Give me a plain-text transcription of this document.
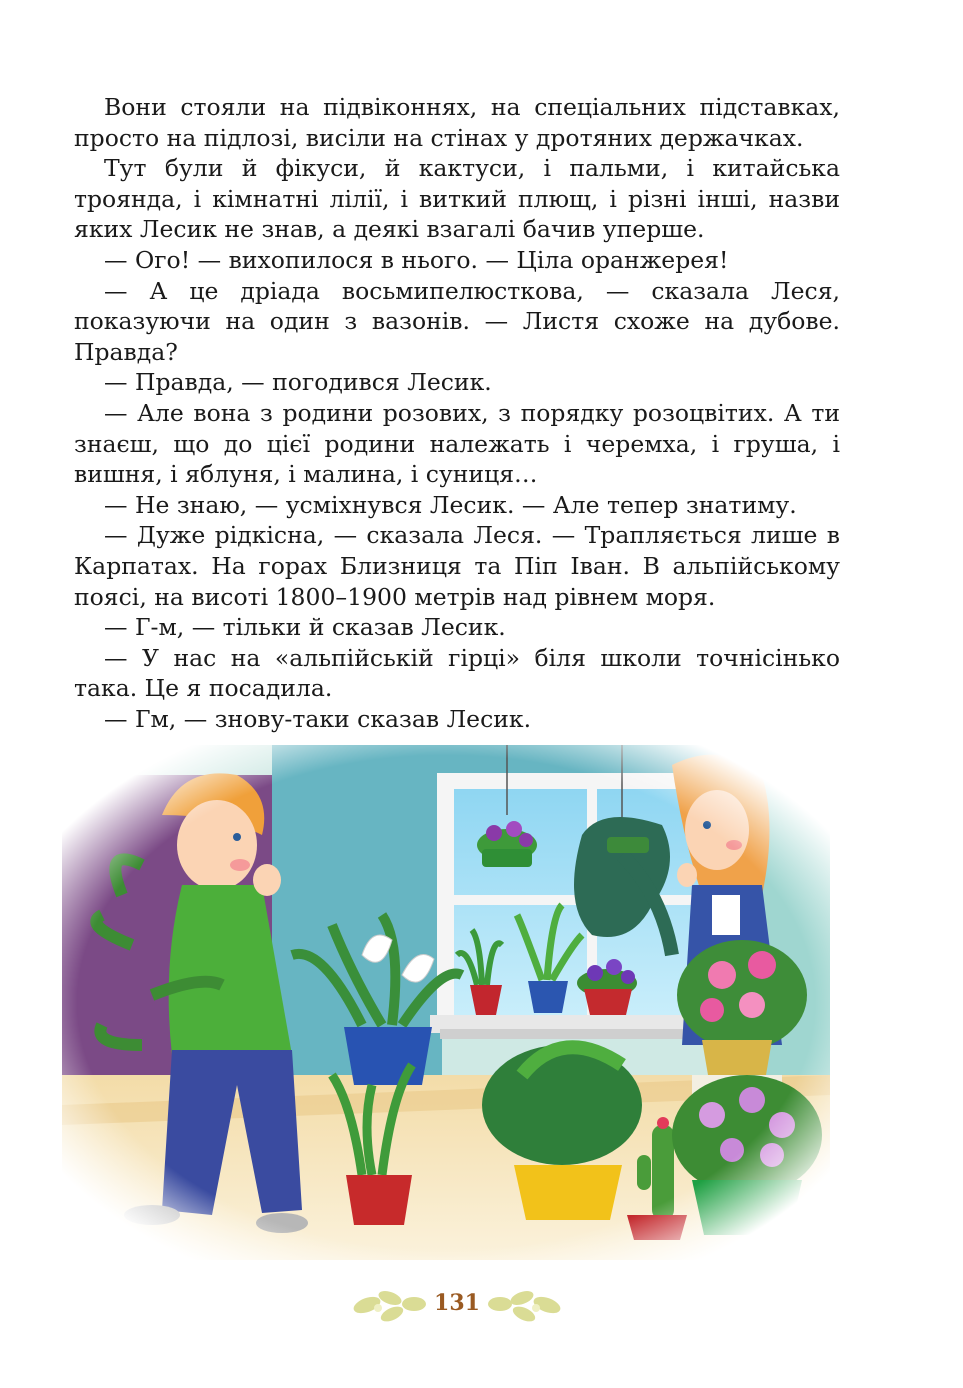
Вони стояли на підвіконнях, на спеціальних підставках, просто на підлозі, висіли на стінах у дротяних держачках.

Тут були й фікуси, й кактуси, і пальми, і китайська троянда, і кімнатні лілії, і виткий плющ, і різні інші, назви яких Лесик не знав, а деякі взагалі бачив уперше.

— Ого! — вихопилося в нього. — Ціла оранжерея!

— А це дріада восьмипелюсткова, — сказала Леся, показуючи на один з вазонів. — Листя схоже на дубове. Правда?

— Правда, — погодився Лесик.

— Але вона з родини розових, з порядку розоцвітих. А ти знаєш, що до цієї родини належать і черемха, і груша, і вишня, і яблуня, і малина, і суниця…

— Не знаю, — усміхнувся Лесик. — Але тепер знатиму.

— Дуже рідкісна, — сказала Леся. — Трапляється лише в Карпатах. На горах Близниця та Піп Іван. В альпійському поясі, на висоті 1800–1900 метрів над рівнем моря.

— Г-м, — тільки й сказав Лесик.

— У нас на «альпійській гірці» біля школи точнісінько така. Це я посадила.

— Гм, — знову-таки сказав Лесик.

131
